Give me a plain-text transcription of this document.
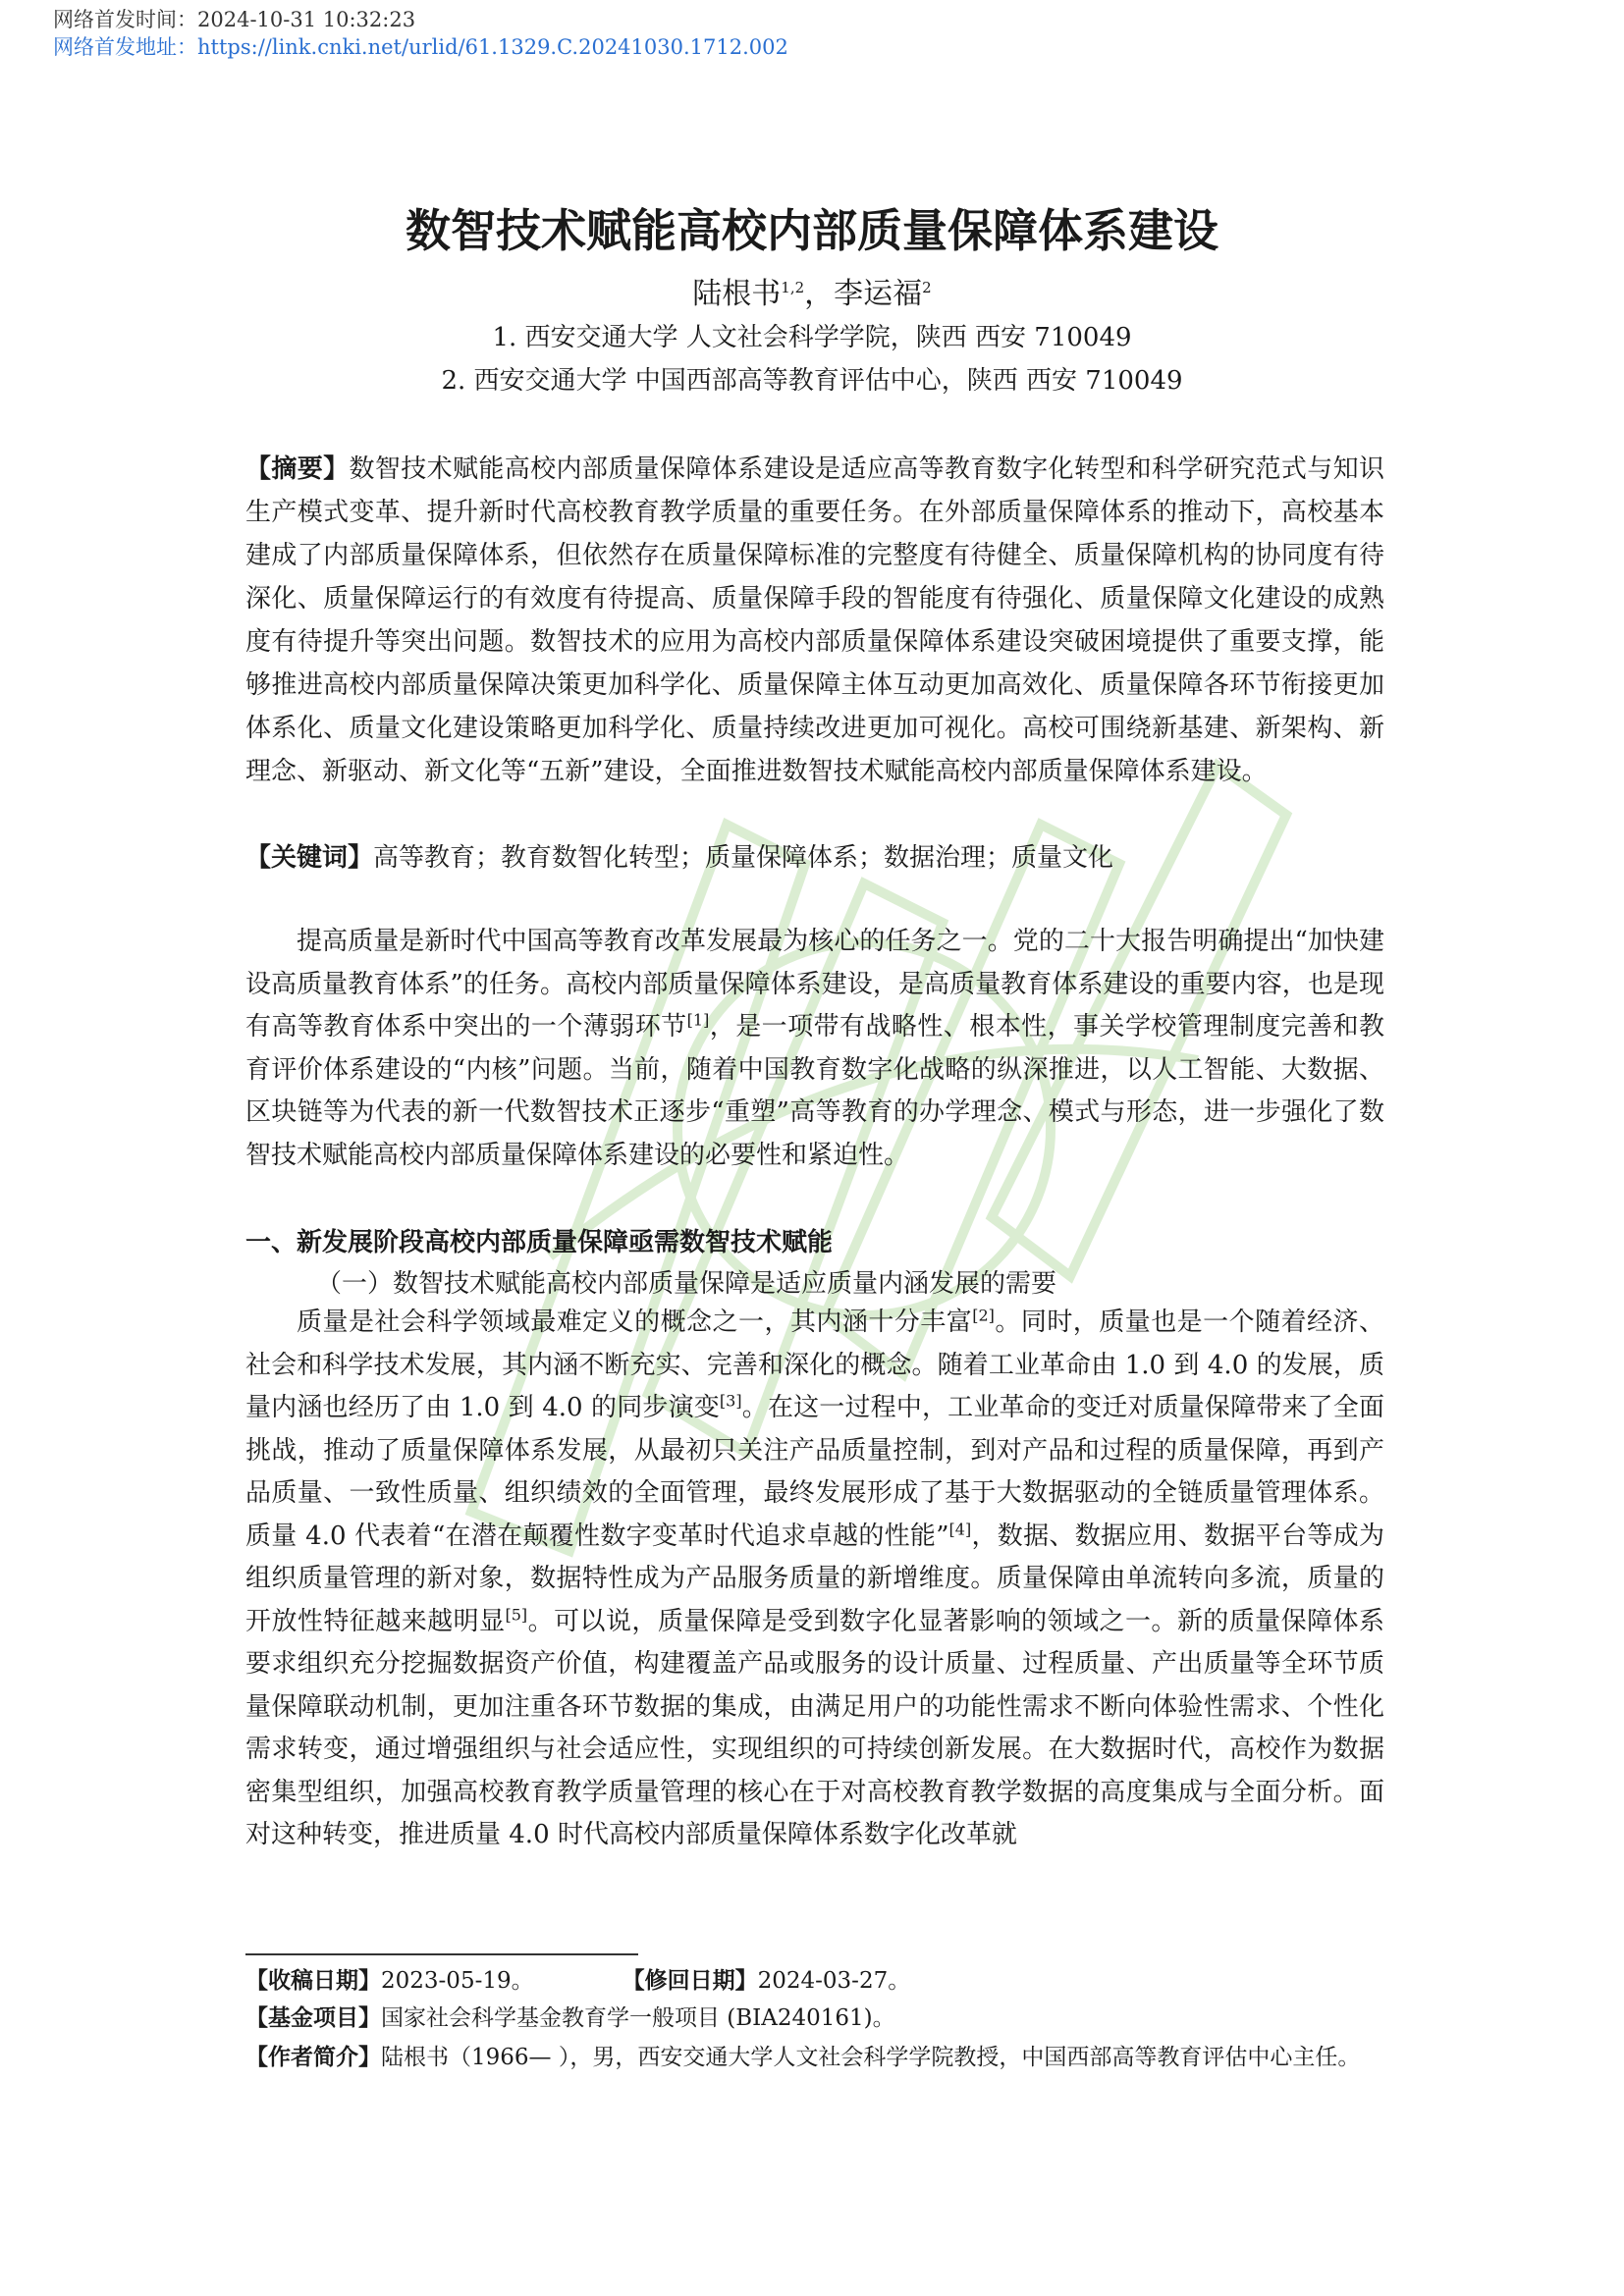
网络首发时间：2024-10-31 10:32:23
网络首发地址：https://link.cnki.net/urlid/61.1329.C.20241030.1712.002
数智技术赋能高校内部质量保障体系建设
陆根书$^{1,2}$，李运福$^2$
1. 西安交通大学 人文社会科学学院，陕西 西安 710049
2. 西安交通大学 中国西部高等教育评估中心，陕西 西安 710049
【摘要】数智技术赋能高校内部质量保障体系建设是适应高等教育数字化转型和科学研究范式与知识生产模式变革、提升新时代高校教育教学质量的重要任务。在外部质量保障体系的推动下，高校基本建成了内部质量保障体系，但依然存在质量保障标准的完整度有待健全、质量保障机构的协同度有待深化、质量保障运行的有效度有待提高、质量保障手段的智能度有待强化、质量保障文化建设的成熟度有待提升等突出问题。数智技术的应用为高校内部质量保障体系建设突破困境提供了重要支撑，能够推进高校内部质量保障决策更加科学化、质量保障主体互动更加高效化、质量保障各环节衔接更加体系化、质量文化建设策略更加科学化、质量持续改进更加可视化。高校可围绕新基建、新架构、新理念、新驱动、新文化等“五新”建设，全面推进数智技术赋能高校内部质量保障体系建设。
【关键词】高等教育；教育数智化转型；质量保障体系；数据治理；质量文化
提高质量是新时代中国高等教育改革发展最为核心的任务之一。党的二十大报告明确提出“加快建设高质量教育体系”的任务。高校内部质量保障体系建设，是高质量教育体系建设的重要内容，也是现有高等教育体系中突出的一个薄弱环节[1]，是一项带有战略性、根本性，事关学校管理制度完善和教育评价体系建设的“内核”问题。当前，随着中国教育数字化战略的纵深推进，以人工智能、大数据、区块链等为代表的新一代数智技术正逐步“重塑”高等教育的办学理念、模式与形态，进一步强化了数智技术赋能高校内部质量保障体系建设的必要性和紧迫性。
一、新发展阶段高校内部质量保障亟需数智技术赋能
（一）数智技术赋能高校内部质量保障是适应质量内涵发展的需要
质量是社会科学领域最难定义的概念之一，其内涵十分丰富[2]。同时，质量也是一个随着经济、社会和科学技术发展，其内涵不断充实、完善和深化的概念。随着工业革命由 1.0 到 4.0 的发展，质量内涵也经历了由 1.0 到 4.0 的同步演变[3]。在这一过程中，工业革命的变迁对质量保障带来了全面挑战，推动了质量保障体系发展，从最初只关注产品质量控制，到对产品和过程的质量保障，再到产品质量、一致性质量、组织绩效的全面管理，最终发展形成了基于大数据驱动的全链质量管理体系。质量 4.0 代表着“在潜在颠覆性数字变革时代追求卓越的性能”[4]，数据、数据应用、数据平台等成为组织质量管理的新对象，数据特性成为产品服务质量的新增维度。质量保障由单流转向多流，质量的开放性特征越来越明显[5]。可以说，质量保障是受到数字化显著影响的领域之一。新的质量保障体系要求组织充分挖掘数据资产价值，构建覆盖产品或服务的设计质量、过程质量、产出质量等全环节质量保障联动机制，更加注重各环节数据的集成，由满足用户的功能性需求不断向体验性需求、个性化需求转变，通过增强组织与社会适应性，实现组织的可持续创新发展。在大数据时代，高校作为数据密集型组织，加强高校教育教学质量管理的核心在于对高校教育教学数据的高度集成与全面分析。面对这种转变，推进质量 4.0 时代高校内部质量保障体系数字化改革就
【收稿日期】2023-05-19。	【修回日期】2024-03-27。
【基金项目】国家社会科学基金教育学一般项目 (BIA240161)。
【作者简介】陆根书（1966— ），男，西安交通大学人文社会科学学院教授，中国西部高等教育评估中心主任。
